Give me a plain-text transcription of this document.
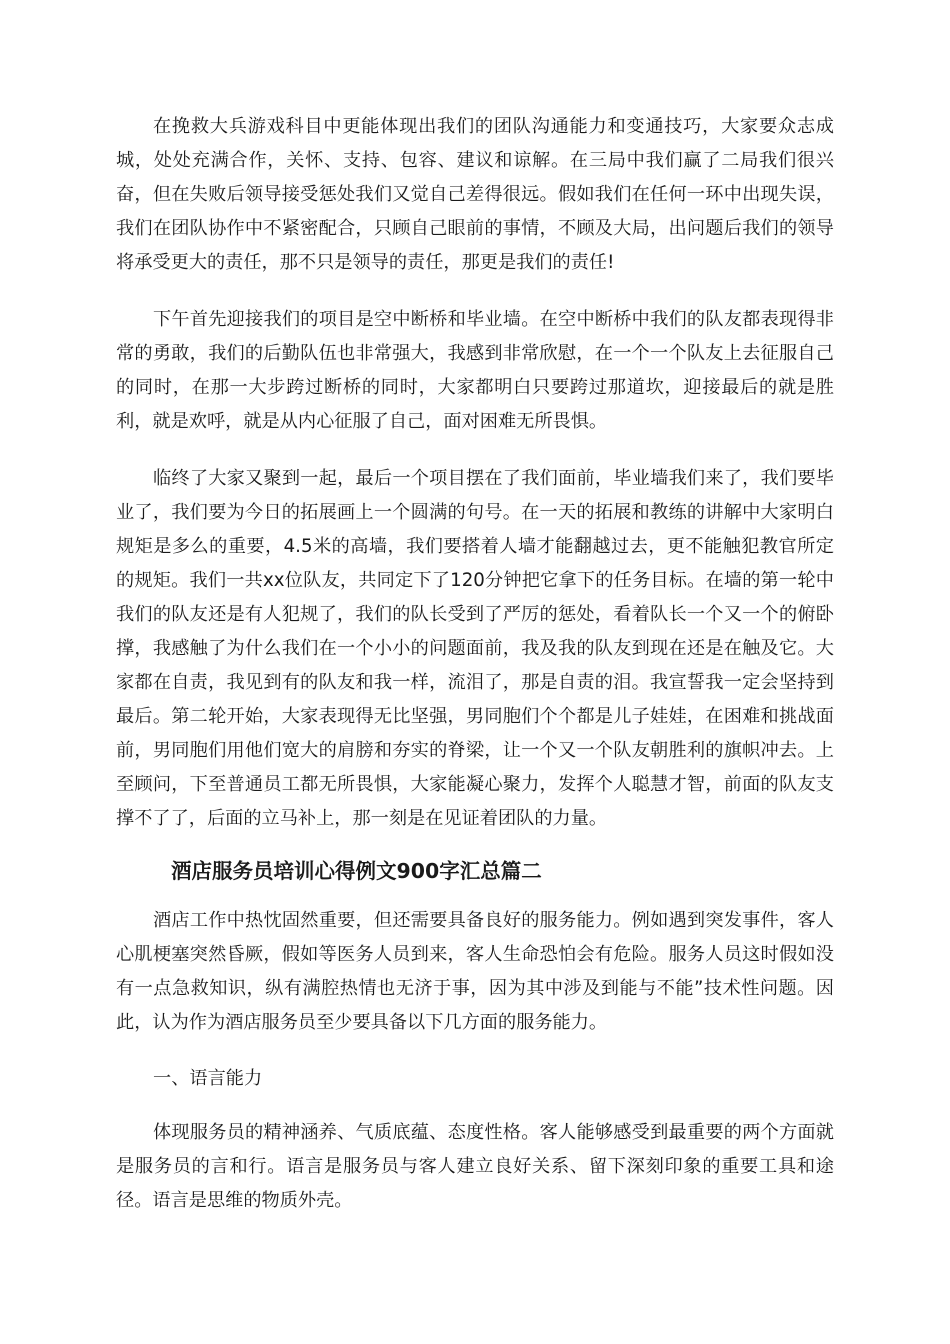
在挽救大兵游戏科目中更能体现出我们的团队沟通能力和变通技巧，大家要众志成城，处处充满合作，关怀、支持、包容、建议和谅解。在三局中我们赢了二局我们很兴奋，但在失败后领导接受惩处我们又觉自己差得很远。假如我们在任何一环中出现失误，我们在团队协作中不紧密配合，只顾自己眼前的事情，不顾及大局，出问题后我们的领导将承受更大的责任，那不只是领导的责任，那更是我们的责任!

下午首先迎接我们的项目是空中断桥和毕业墙。在空中断桥中我们的队友都表现得非常的勇敢，我们的后勤队伍也非常强大，我感到非常欣慰，在一个一个队友上去征服自己的同时，在那一大步跨过断桥的同时，大家都明白只要跨过那道坎，迎接最后的就是胜利，就是欢呼，就是从内心征服了自己，面对困难无所畏惧。

临终了大家又聚到一起，最后一个项目摆在了我们面前，毕业墙我们来了，我们要毕业了，我们要为今日的拓展画上一个圆满的句号。在一天的拓展和教练的讲解中大家明白规矩是多么的重要，4.5米的高墙，我们要搭着人墙才能翻越过去，更不能触犯教官所定的规矩。我们一共xx位队友，共同定下了120分钟把它拿下的任务目标。在墙的第一轮中我们的队友还是有人犯规了，我们的队长受到了严厉的惩处，看着队长一个又一个的俯卧撑，我感触了为什么我们在一个小小的问题面前，我及我的队友到现在还是在触及它。大家都在自责，我见到有的队友和我一样，流泪了，那是自责的泪。我宣誓我一定会坚持到最后。第二轮开始，大家表现得无比坚强，男同胞们个个都是儿子娃娃，在困难和挑战面前，男同胞们用他们宽大的肩膀和夯实的脊梁，让一个又一个队友朝胜利的旗帜冲去。上至顾问，下至普通员工都无所畏惧，大家能凝心聚力，发挥个人聪慧才智，前面的队友支撑不了了，后面的立马补上，那一刻是在见证着团队的力量。

酒店服务员培训心得例文900字汇总篇二

酒店工作中热忱固然重要，但还需要具备良好的服务能力。例如遇到突发事件，客人心肌梗塞突然昏厥，假如等医务人员到来，客人生命恐怕会有危险。服务人员这时假如没有一点急救知识，纵有满腔热情也无济于事，因为其中涉及到能与不能”技术性问题。因此，认为作为酒店服务员至少要具备以下几方面的服务能力。

一、语言能力

体现服务员的精神涵养、气质底蕴、态度性格。客人能够感受到最重要的两个方面就是服务员的言和行。语言是服务员与客人建立良好关系、留下深刻印象的重要工具和途径。语言是思维的物质外壳。
